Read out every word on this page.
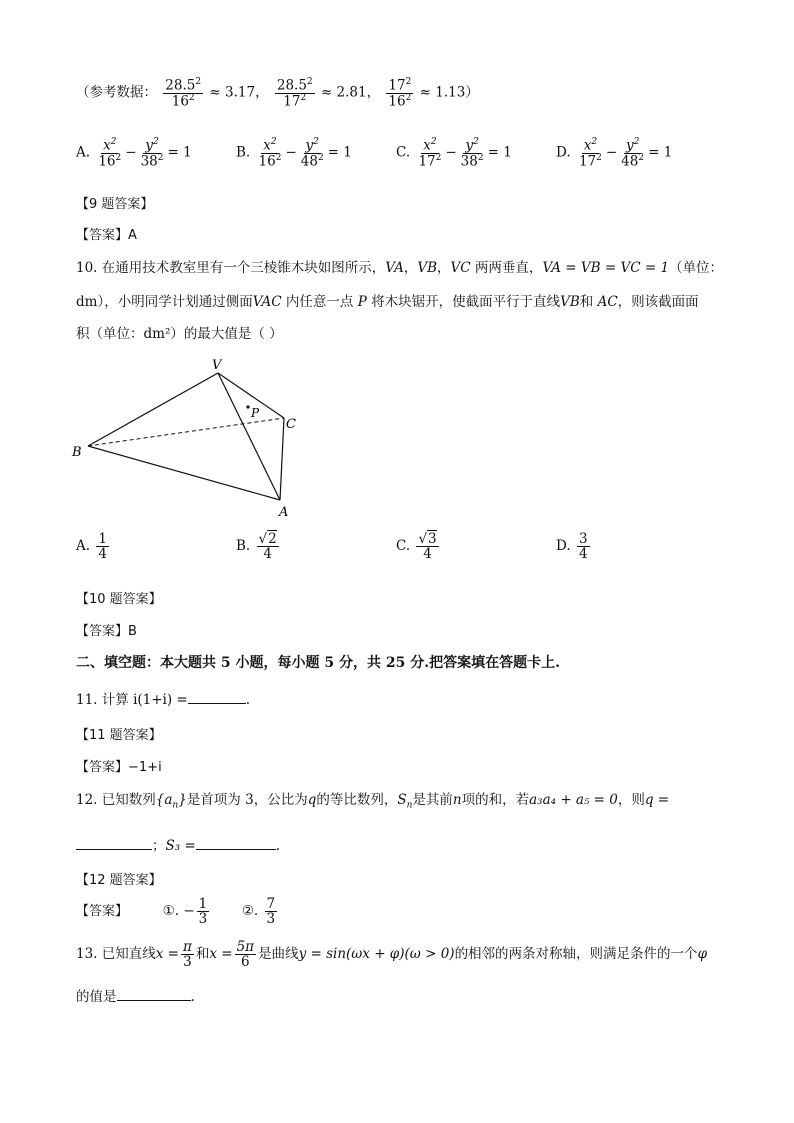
（参考数据： $\frac{28.5^2}{16^2} \approx 3.17$， $\frac{28.5^2}{17^2} \approx 2.81$， $\frac{17^2}{16^2} \approx 1.13$）
A. $\frac{x^2}{16^2} - \frac{y^2}{38^2} = 1$	B. $\frac{x^2}{16^2} - \frac{y^2}{48^2} = 1$	C. $\frac{x^2}{17^2} - \frac{y^2}{38^2} = 1$	D. $\frac{x^2}{17^2} - \frac{y^2}{48^2} = 1$
【9 题答案】
【答案】A
10. 在通用技术教室里有一个三棱锥木块如图所示，VA，VB，VC 两两垂直，VA = VB = VC = 1（单位：
dm），小明同学计划通过侧面VAC 内任意一点 P 将木块锯开，使截面平行于直线VB和 AC，则该截面面
积（单位：dm²）的最大值是（ ）
V
B
C
A
P
A. $\frac{1}{4}$	B. $\frac{√2}{4}$	C. $\frac{√3}{4}$	D. $\frac{3}{4}$
【10 题答案】
【答案】B
二、填空题：本大题共 5 小题，每小题 5 分，共 25 分.把答案填在答题卡上.
11. 计算 i(1+i) =	.
【11 题答案】
【答案】−1+i
12. 已知数列$\{a_n\}$是首项为 3，公比为q的等比数列，$S_n$是其前n项的和，若a₃a₄ + a₅ = 0，则q =
；S₃ =	.
【12 题答案】
【答案】	①. − $\frac{1}{3}$ ②. $\frac{7}{3}$
13. 已知直线$x = \frac{\pi}{3}$ 和$x = \frac{5\pi}{6}$ 是曲线y = sin(ωx + φ)(ω > 0)的相邻的两条对称轴，则满足条件的一个φ
的值是	.
